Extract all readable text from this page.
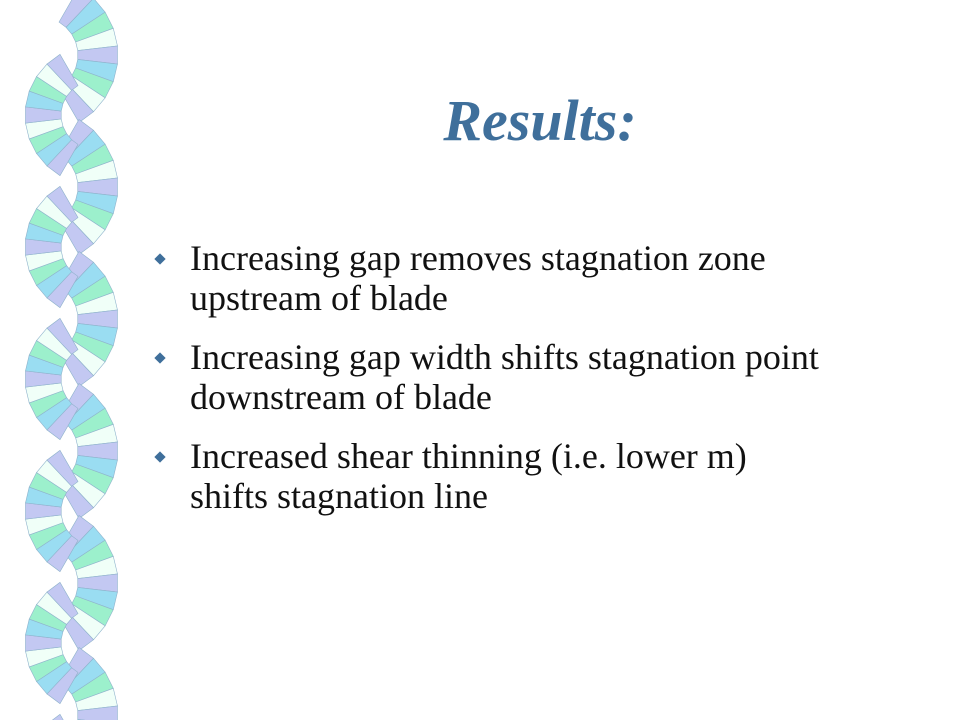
Results:
Increasing gap removes stagnation zone
upstream of blade
Increasing gap width shifts stagnation point
downstream of blade
Increased shear thinning (i.e. lower m)
shifts stagnation line
